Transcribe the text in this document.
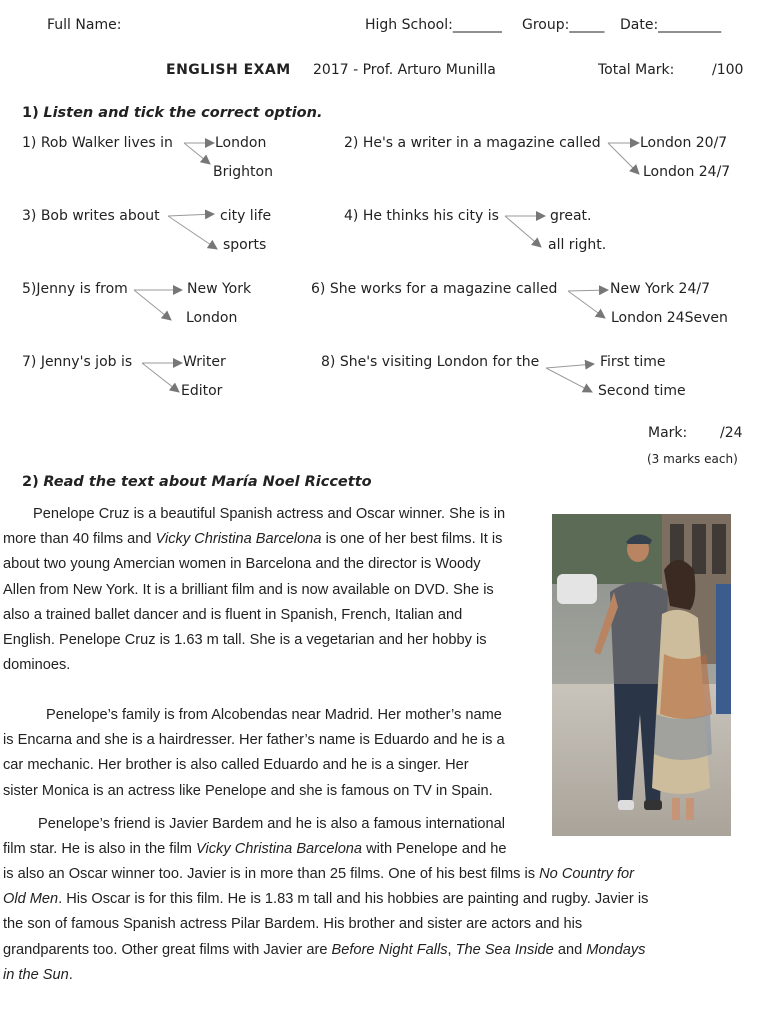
Full Name:	High School:_______ Group:_____ Date:_________
ENGLISH EXAM 2017 - Prof. Arturo Munilla	Total Mark:	/100
1) Listen and tick the correct option.
1) Rob Walker lives in	London
Brighton
2) He's a writer in a magazine called	London 20/7
London 24/7
3) Bob writes about	city life
sports
4) He thinks his city is	great.
all right.
5)Jenny is from	New York
London
6) She works for a magazine called	New York 24/7
London 24Seven
7) Jenny's job is	Writer
Editor
8) She's visiting London for the	First time
Second time
Mark: /24
(3 marks each)
2) Read the text about María Noel Riccetto
Penelope Cruz is a beautiful Spanish actress and Oscar winner. She is in
more than 40 films and Vicky Christina Barcelona is one of her best films. It is
about two young Amercian women in Barcelona and the director is Woody
Allen from New York. It is a brilliant film and is now available on DVD. She is
also a trained ballet dancer and is fluent in Spanish, French, Italian and
English. Penelope Cruz is 1.63 m tall. She is a vegetarian and her hobby is
dominoes.
Penelope’s family is from Alcobendas near Madrid. Her mother’s name
is Encarna and she is a hairdresser. Her father’s name is Eduardo and he is a
car mechanic. Her brother is also called Eduardo and he is a singer. Her
sister Monica is an actress like Penelope and she is famous on TV in Spain.
Penelope’s friend is Javier Bardem and he is also a famous international
film star. He is also in the film Vicky Christina Barcelona with Penelope and he
is also an Oscar winner too. Javier is in more than 25 films. One of his best films is No Country for
Old Men. His Oscar is for this film. He is 1.83 m tall and his hobbies are painting and rugby. Javier is
the son of famous Spanish actress Pilar Bardem. His brother and sister are actors and his
grandparents too. Other great films with Javier are Before Night Falls, The Sea Inside and Mondays
in the Sun.
